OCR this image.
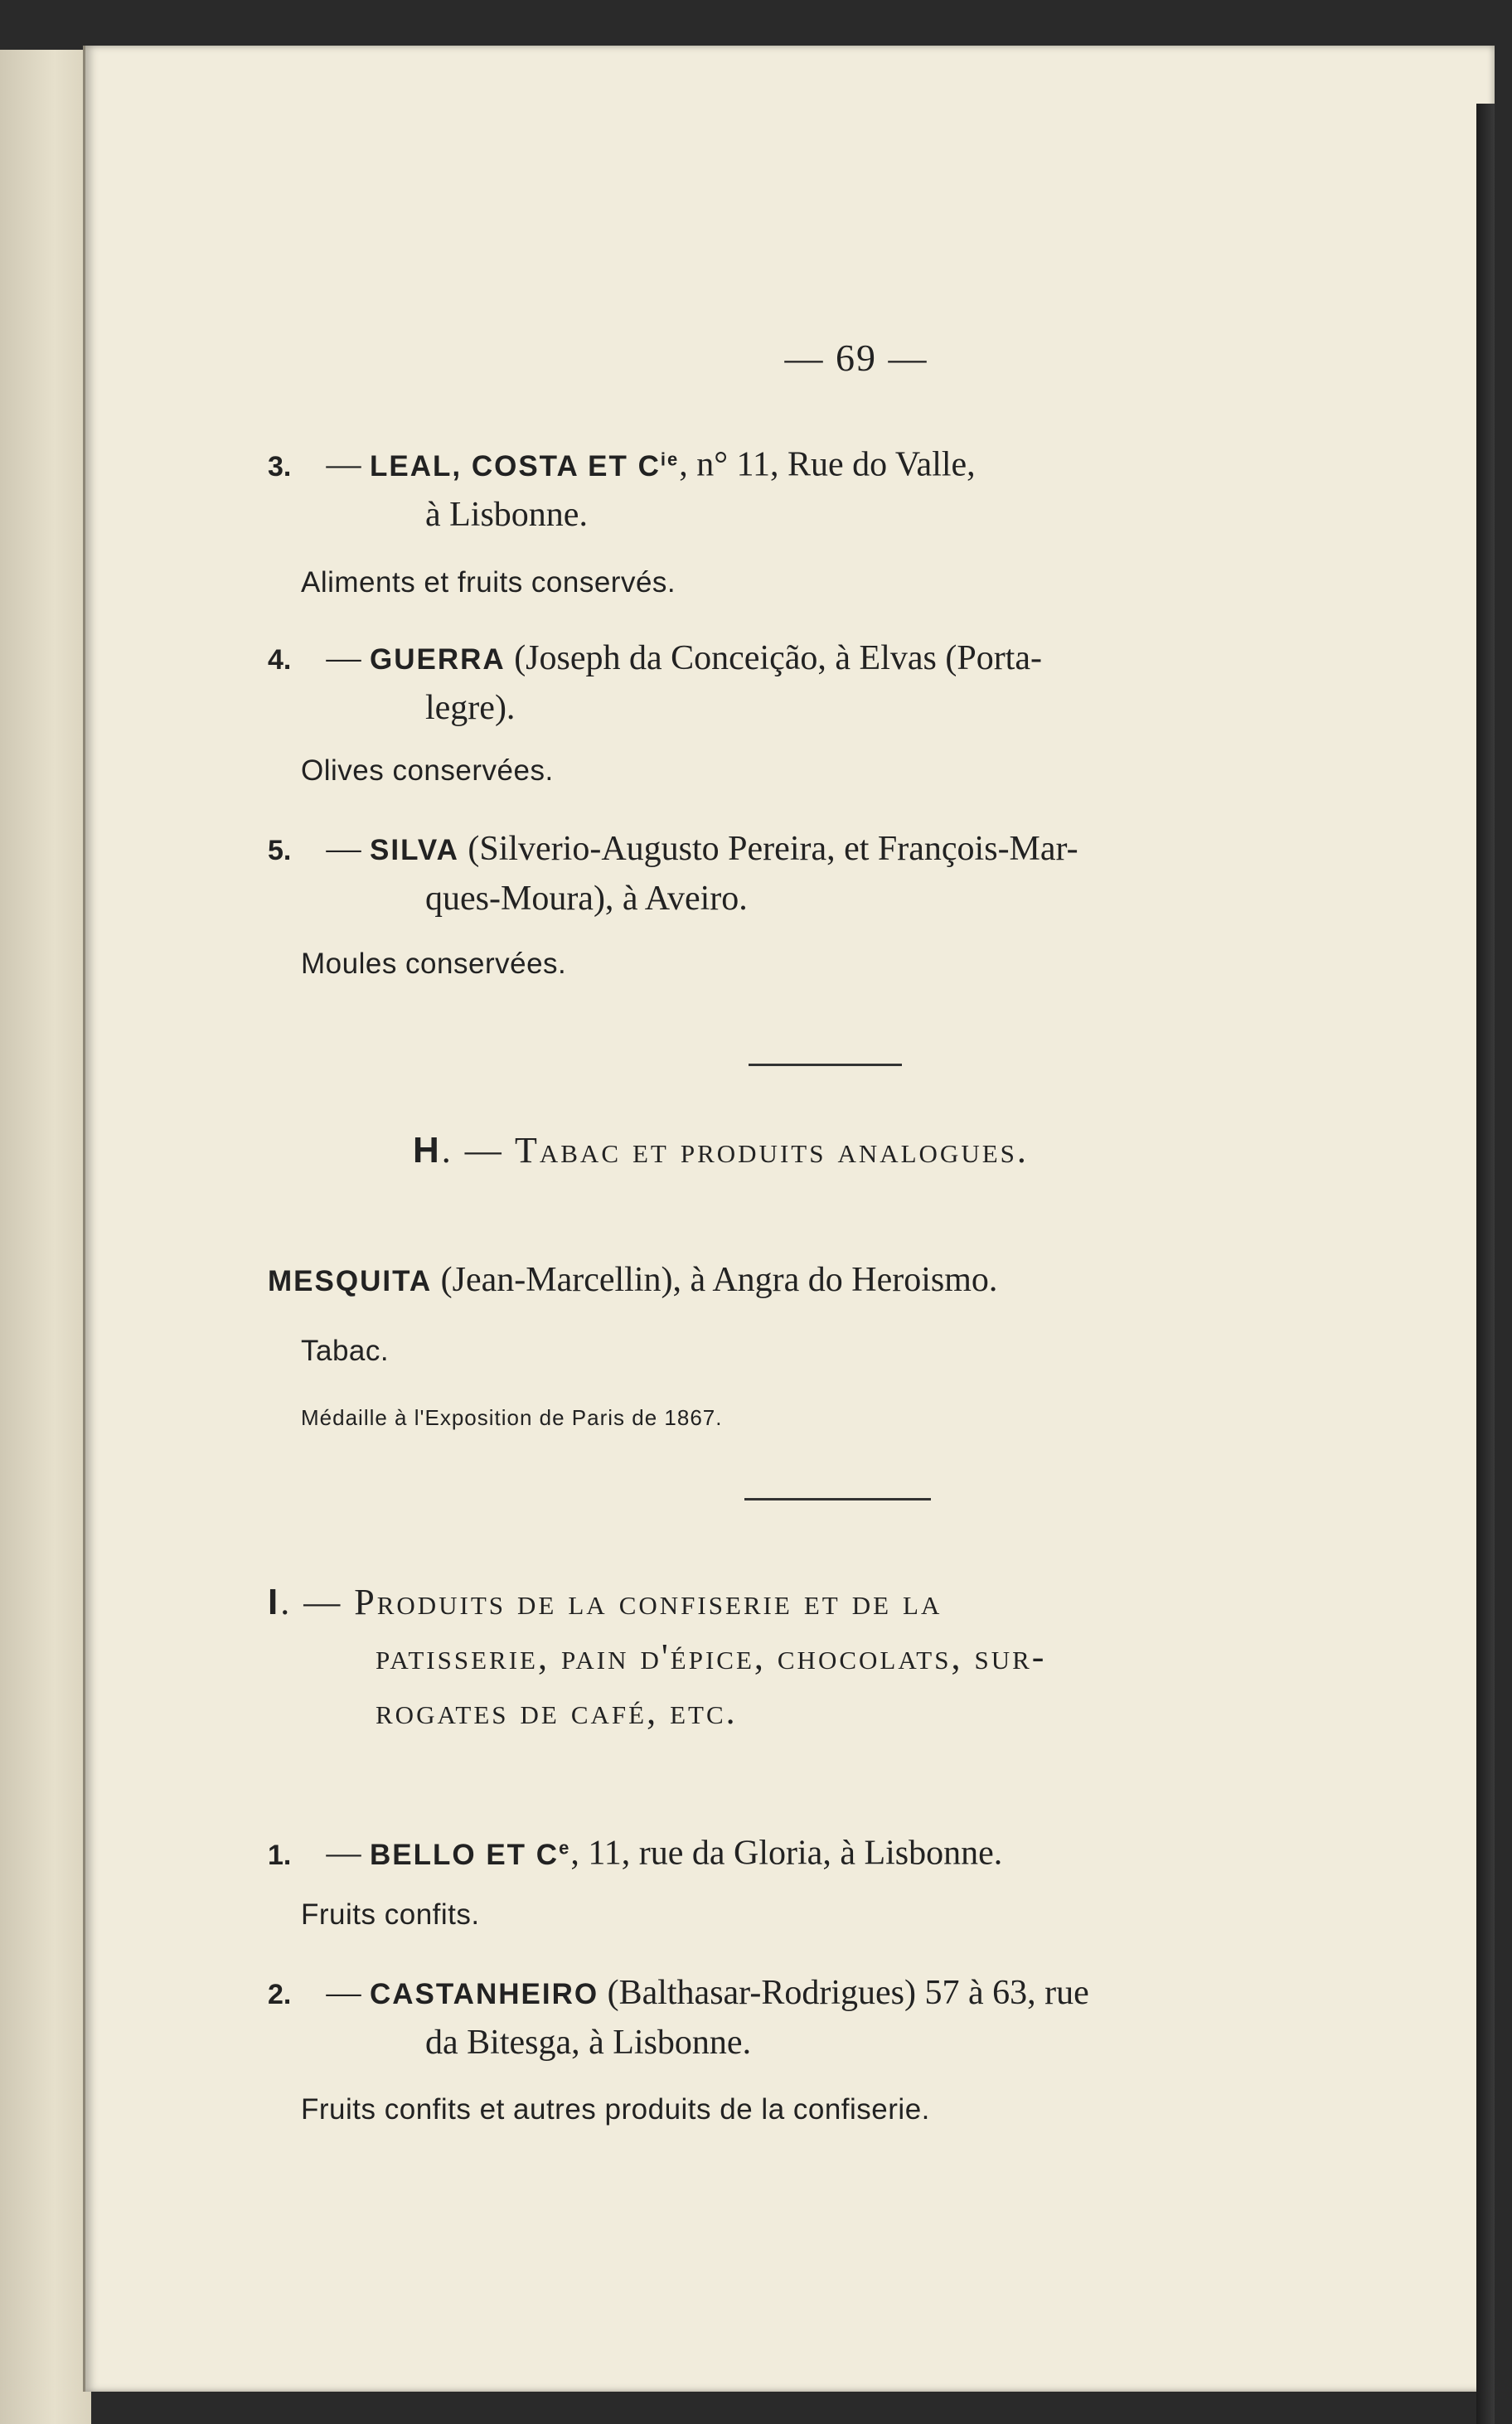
— 69 —
3. — LEAL, COSTA ET $C^{ie}$, n° 11, Rue do Valle,
à Lisbonne.
Aliments et fruits conservés.
4. — GUERRA (Joseph da Conceição, à Elvas (Porta-
legre).
Olives conservées.
5. — SILVA (Silverio-Augusto Pereira, et François-Mar-
ques-Moura), à Aveiro.
Moules conservées.
H. — Tabac et produits analogues.
MESQUITA (Jean-Marcellin), à Angra do Heroismo.
Tabac.
Médaille à l'Exposition de Paris de 1867.
I. — Produits de la confiserie et de la
patisserie, pain d'épice, chocolats, sur-
rogates de café, etc.
1. — BELLO ET Ce, 11, rue da Gloria, à Lisbonne.
Fruits confits.
2. — CASTANHEIRO (Balthasar-Rodrigues) 57 à 63, rue
da Bitesga, à Lisbonne.
Fruits confits et autres produits de la confiserie.
